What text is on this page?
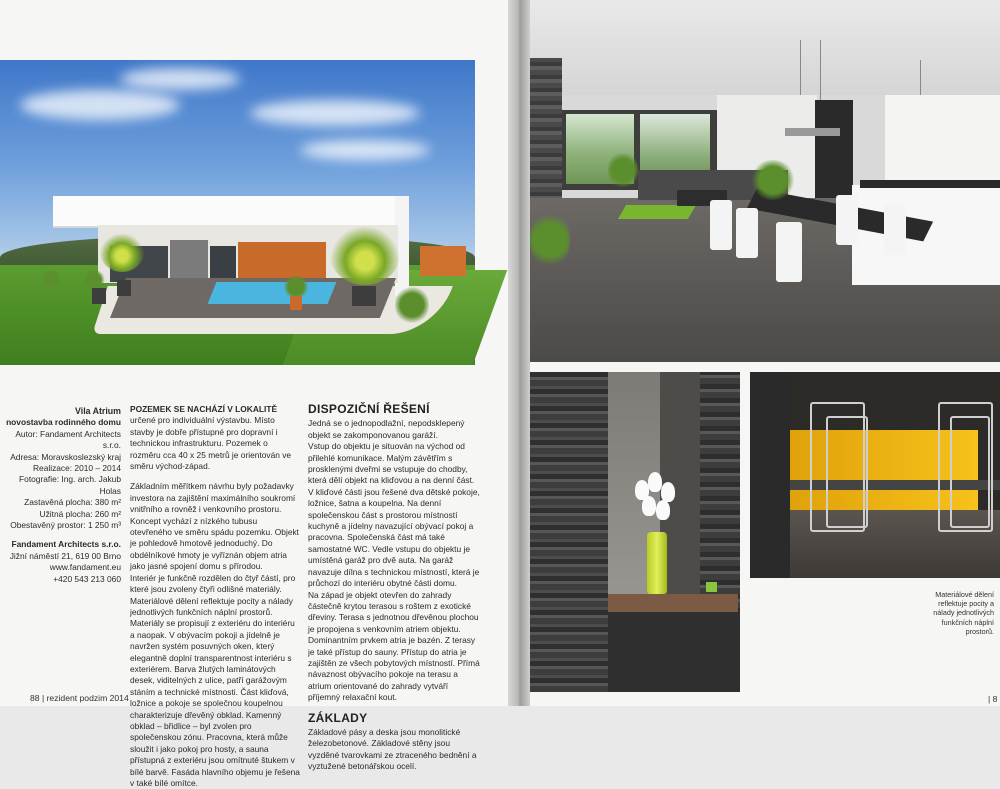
Vila Atrium
novostavba rodinného domu
Autor: Fandament Architects s.r.o.
Adresa: Moravskoslezský kraj
Realizace: 2010 – 2014
Fotografie: Ing. arch. Jakub Holas
Zastavěná plocha: 380 m²
Užitná plocha: 260 m²
Obestavěný prostor: 1 250 m³
Fandament Architects s.r.o.
Jižní náměstí 21, 619 00 Brno
www.fandament.eu
+420 543 213 060

POZEMEK SE NACHÁZÍ V LOKALITĚ určené pro individuální výstavbu. Místo stavby je dobře přístupné pro dopravní i technickou infrastrukturu. Pozemek o rozměru cca 40 x 25 metrů je orientován ve směru východ-západ.

Základním měřítkem návrhu byly požadavky investora na zajištění maximálního soukromí vnitřního a rovněž i venkovního prostoru. Koncept vychází z nízkého tubusu otevřeného ve směru spádu pozemku. Objekt je pohledově hmotově jednoduchý. Do obdélníkové hmoty je vyříznán objem atria jako jasné spojení domu s přírodou.

Interiér je funkčně rozdělen do čtyř částí, pro které jsou zvoleny čtyři odlišné materiály. Materiálové dělení reflektuje pocity a nálady jednotlivých funkčních náplní prostorů. Materiály se propisují z exteriéru do interiéru a naopak. V obývacím pokoji a jídelně je navržen systém posuvných oken, který elegantně doplní transparentnost interiéru s exteriérem. Barva žlutých laminátových desek, viditelných z ulice, patří garážovým stáním a technické místnosti. Část kliďová, ložnice a pokoje se společnou koupelnou charakterizuje dřevěný obklad. Kamenný obklad – břidlice – byl zvolen pro společenskou zónu. Pracovna, která může sloužit i jako pokoj pro hosty, a sauna přístupná z exteriéru jsou omítnuté štukem v bílé barvě. Fasáda hlavního objemu je řešena v také bílé omítce.

DISPOZIČNÍ ŘEŠENÍ

Jedná se o jednopodlažní, nepodsklepený objekt se zakomponovanou garáží.

Vstup do objektu je situován na východ od přilehlé komunikace. Malým závětřím s prosklenými dveřmi se vstupuje do chodby, která dělí objekt na kliďovou a na denní část. V kliďové části jsou řešené dva dětské pokoje, ložnice, šatna a koupelna. Na denní společenskou část s prostorou místností kuchyně a jídelny navazující obývací pokoj a pracovna. Společenská část má také samostatné WC. Vedle vstupu do objektu je umístěná garáž pro dvě auta. Na garáž navazuje dílna s technickou místností, která je průchozí do interiéru obytné části domu.

Na západ je objekt otevřen do zahrady částečně krytou terasou s roštem z exotické dřeviny. Terasa s jednotnou dřevěnou plochou je propojena s venkovním atriem objektu. Dominantním prvkem atria je bazén. Z terasy je také přístup do sauny. Přístup do atria je zajištěn ze všech pobytových místností. Přímá návaznost obývacího pokoje na terasu a atrium orientované do zahrady vytváří příjemný relaxační kout.

ZÁKLADY

Základové pásy a deska jsou monolitické železobetonové. Základové stěny jsou vyzděné tvarovkami ze ztraceného bednění a vyztužené betonářskou ocelí.

88 | rezident podzim 2014
Materiálové dělení reflektuje pocity a nálady jednotlivých funkčních náplní prostorů.
| 8
